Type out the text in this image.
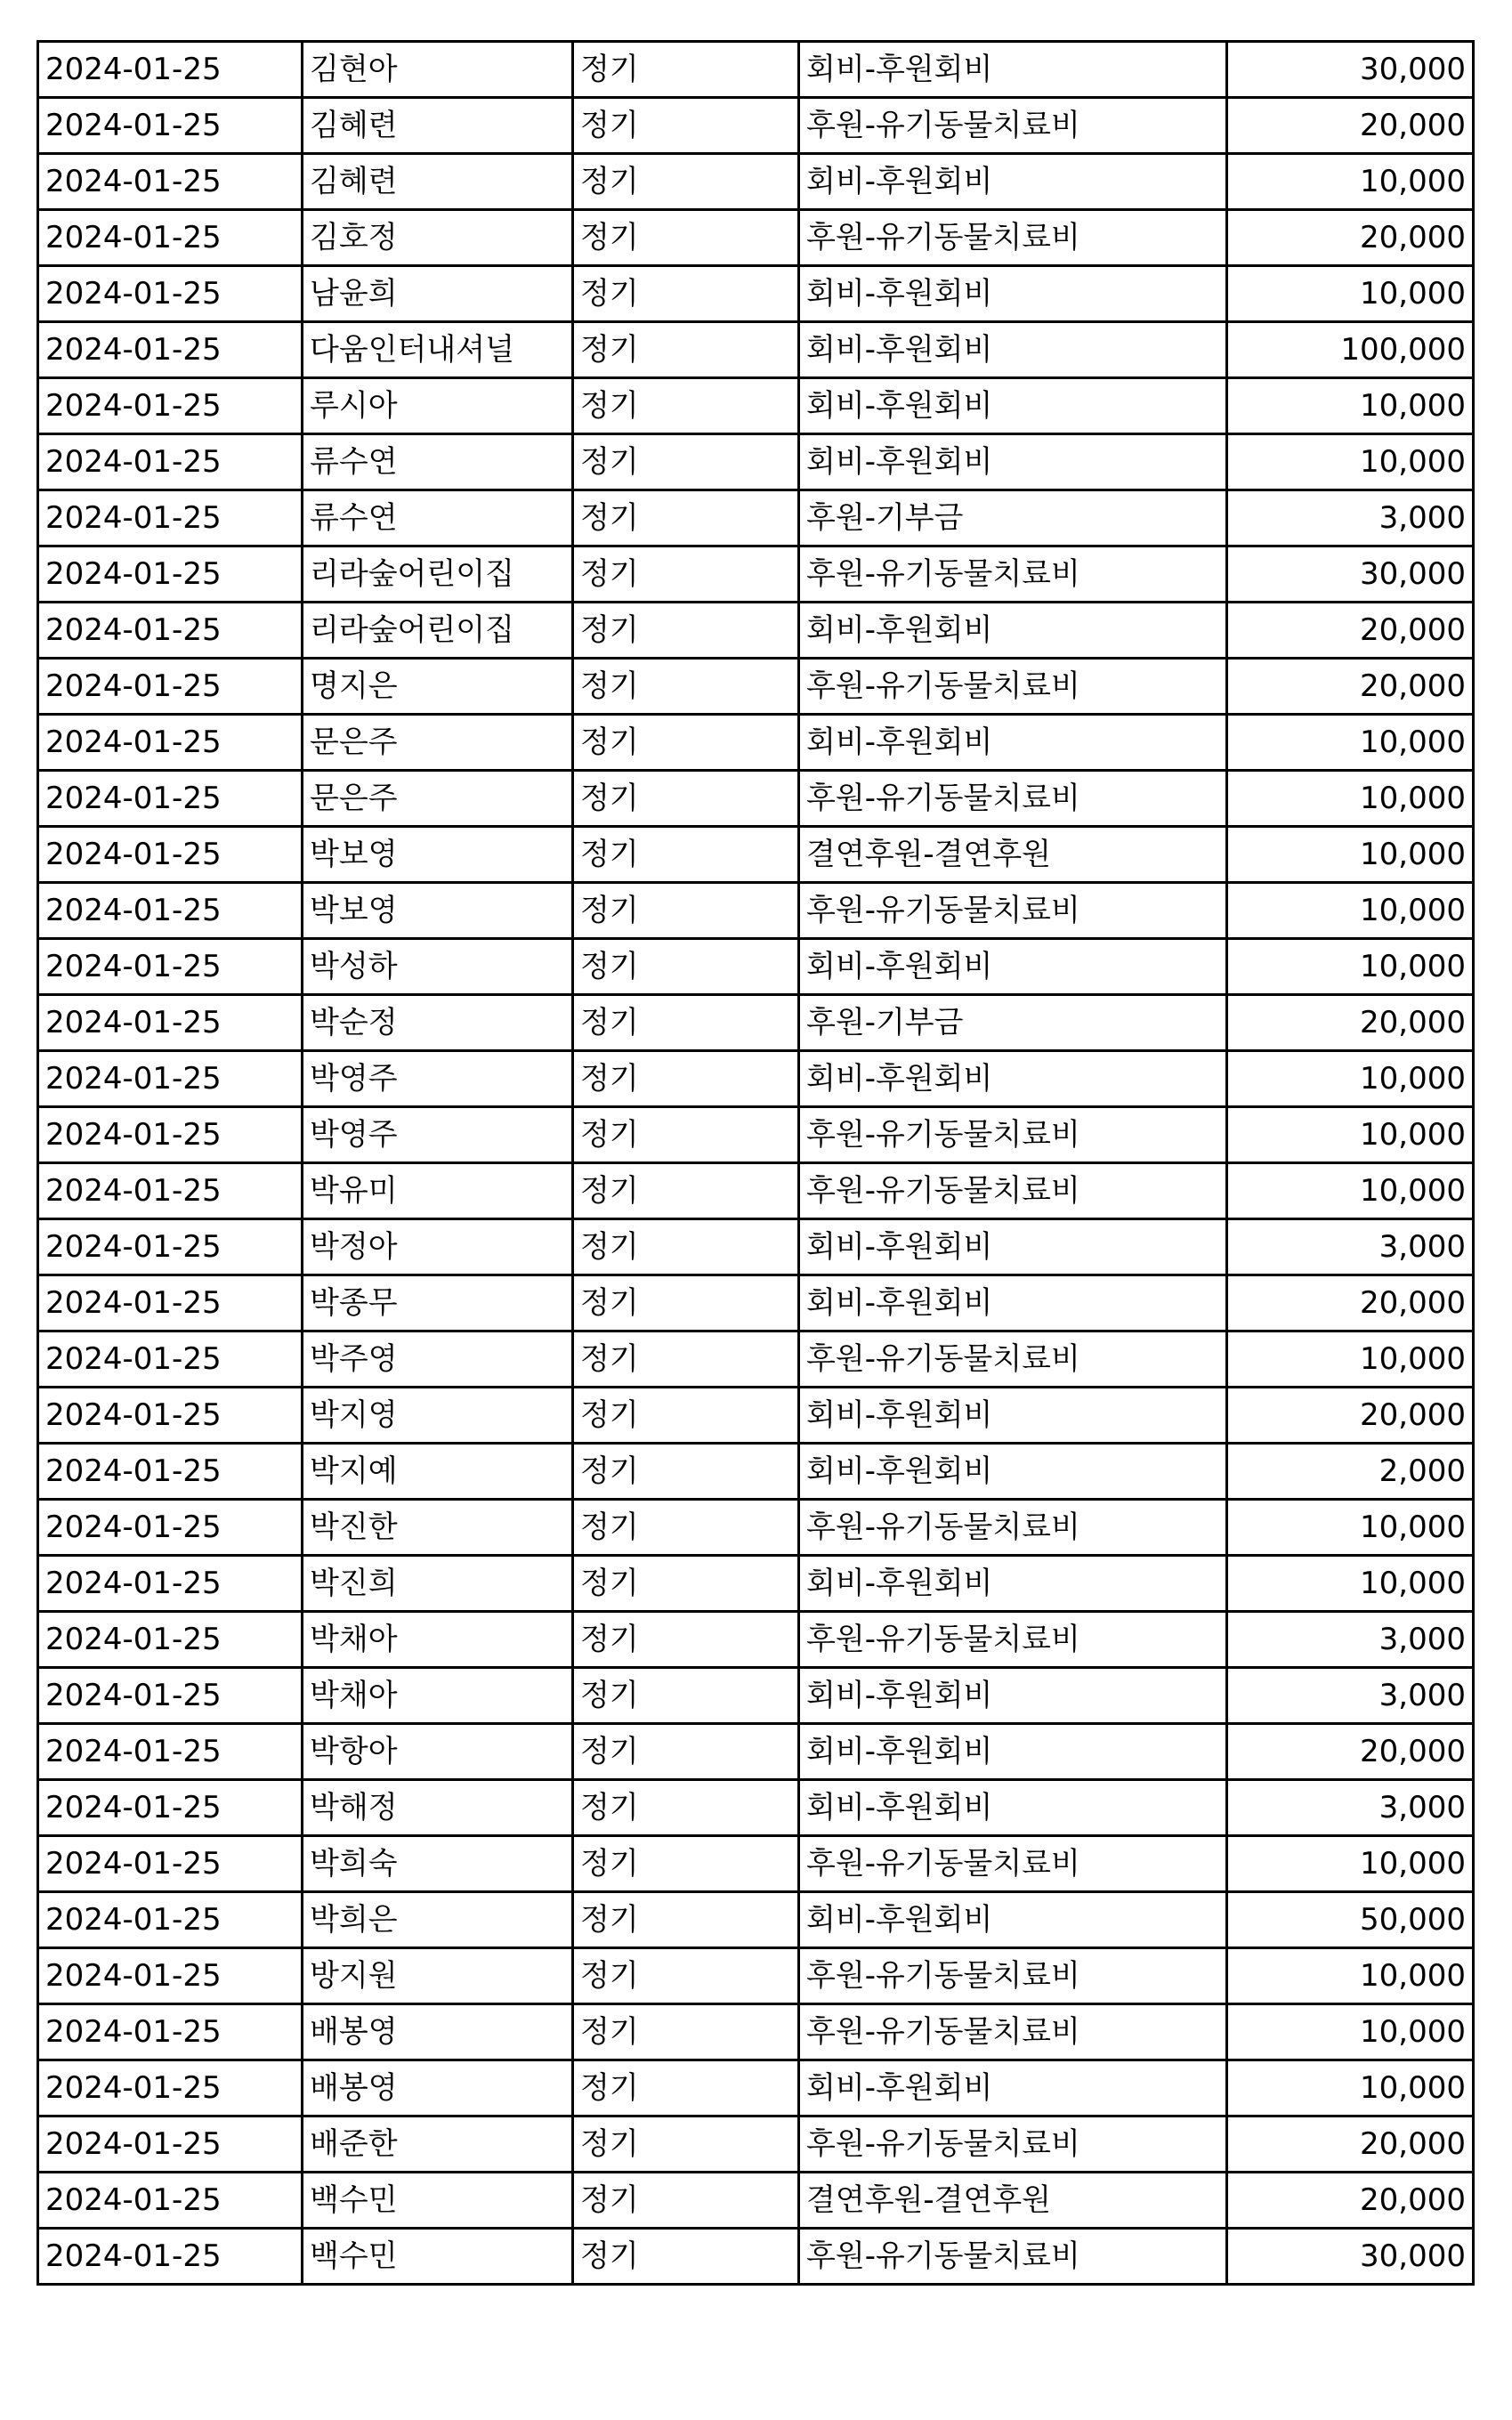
2024-01-25	김현아	정기	회비-후원회비	30,000
2024-01-25	김혜련	정기	후원-유기동물치료비	20,000
2024-01-25	김혜련	정기	회비-후원회비	10,000
2024-01-25	김호정	정기	후원-유기동물치료비	20,000
2024-01-25	남윤희	정기	회비-후원회비	10,000
2024-01-25	다움인터내셔널	정기	회비-후원회비	100,000
2024-01-25	루시아	정기	회비-후원회비	10,000
2024-01-25	류수연	정기	회비-후원회비	10,000
2024-01-25	류수연	정기	후원-기부금	3,000
2024-01-25	리라숲어린이집	정기	후원-유기동물치료비	30,000
2024-01-25	리라숲어린이집	정기	회비-후원회비	20,000
2024-01-25	명지은	정기	후원-유기동물치료비	20,000
2024-01-25	문은주	정기	회비-후원회비	10,000
2024-01-25	문은주	정기	후원-유기동물치료비	10,000
2024-01-25	박보영	정기	결연후원-결연후원	10,000
2024-01-25	박보영	정기	후원-유기동물치료비	10,000
2024-01-25	박성하	정기	회비-후원회비	10,000
2024-01-25	박순정	정기	후원-기부금	20,000
2024-01-25	박영주	정기	회비-후원회비	10,000
2024-01-25	박영주	정기	후원-유기동물치료비	10,000
2024-01-25	박유미	정기	후원-유기동물치료비	10,000
2024-01-25	박정아	정기	회비-후원회비	3,000
2024-01-25	박종무	정기	회비-후원회비	20,000
2024-01-25	박주영	정기	후원-유기동물치료비	10,000
2024-01-25	박지영	정기	회비-후원회비	20,000
2024-01-25	박지예	정기	회비-후원회비	2,000
2024-01-25	박진한	정기	후원-유기동물치료비	10,000
2024-01-25	박진희	정기	회비-후원회비	10,000
2024-01-25	박채아	정기	후원-유기동물치료비	3,000
2024-01-25	박채아	정기	회비-후원회비	3,000
2024-01-25	박항아	정기	회비-후원회비	20,000
2024-01-25	박해정	정기	회비-후원회비	3,000
2024-01-25	박희숙	정기	후원-유기동물치료비	10,000
2024-01-25	박희은	정기	회비-후원회비	50,000
2024-01-25	방지원	정기	후원-유기동물치료비	10,000
2024-01-25	배봉영	정기	후원-유기동물치료비	10,000
2024-01-25	배봉영	정기	회비-후원회비	10,000
2024-01-25	배준한	정기	후원-유기동물치료비	20,000
2024-01-25	백수민	정기	결연후원-결연후원	20,000
2024-01-25	백수민	정기	후원-유기동물치료비	30,000
